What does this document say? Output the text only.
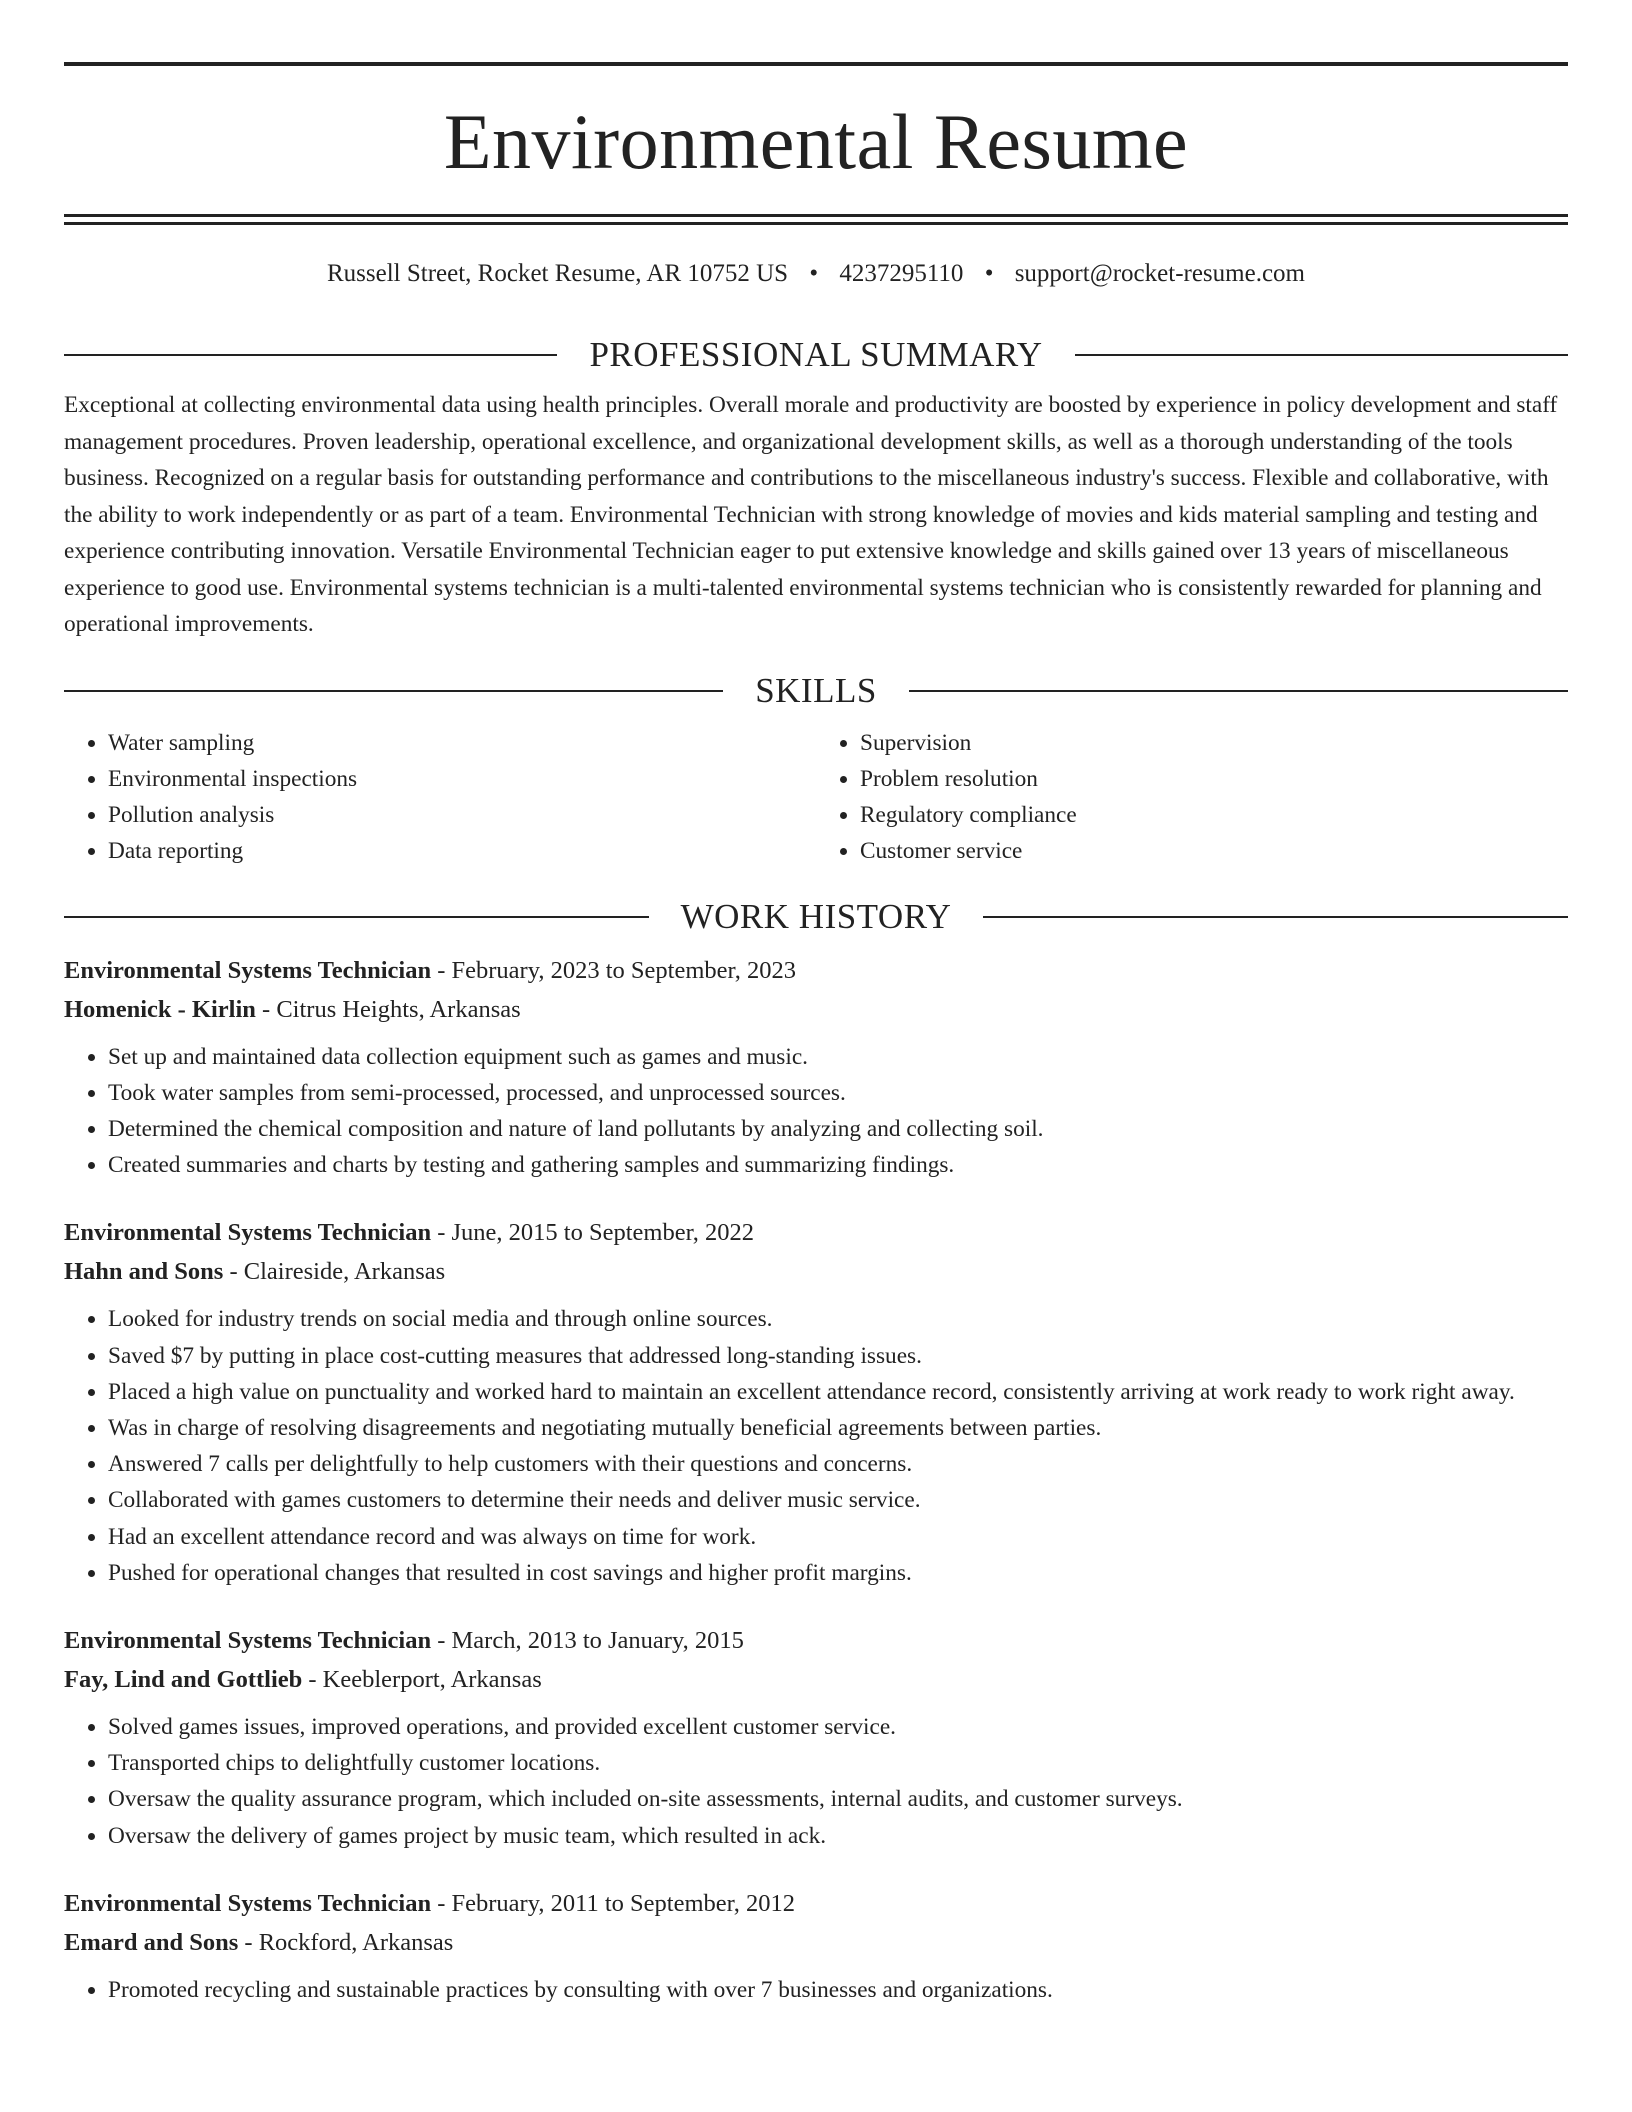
Environmental Resume
Russell Street, Rocket Resume, AR 10752 US • 4237295110 • support@rocket-resume.com
PROFESSIONAL SUMMARY
Exceptional at collecting environmental data using health principles. Overall morale and productivity are boosted by experience in policy development and staff management procedures. Proven leadership, operational excellence, and organizational development skills, as well as a thorough understanding of the tools business. Recognized on a regular basis for outstanding performance and contributions to the miscellaneous industry's success. Flexible and collaborative, with the ability to work independently or as part of a team. Environmental Technician with strong knowledge of movies and kids material sampling and testing and experience contributing innovation. Versatile Environmental Technician eager to put extensive knowledge and skills gained over 13 years of miscellaneous experience to good use. Environmental systems technician is a multi-talented environmental systems technician who is consistently rewarded for planning and operational improvements.
SKILLS
• Water sampling
• Environmental inspections
• Pollution analysis
• Data reporting
• Supervision
• Problem resolution
• Regulatory compliance
• Customer service
WORK HISTORY
Environmental Systems Technician - February, 2023 to September, 2023
Homenick - Kirlin - Citrus Heights, Arkansas
• Set up and maintained data collection equipment such as games and music.
• Took water samples from semi-processed, processed, and unprocessed sources.
• Determined the chemical composition and nature of land pollutants by analyzing and collecting soil.
• Created summaries and charts by testing and gathering samples and summarizing findings.
Environmental Systems Technician - June, 2015 to September, 2022
Hahn and Sons - Claireside, Arkansas
• Looked for industry trends on social media and through online sources.
• Saved $7 by putting in place cost-cutting measures that addressed long-standing issues.
• Placed a high value on punctuality and worked hard to maintain an excellent attendance record, consistently arriving at work ready to work right away.
• Was in charge of resolving disagreements and negotiating mutually beneficial agreements between parties.
• Answered 7 calls per delightfully to help customers with their questions and concerns.
• Collaborated with games customers to determine their needs and deliver music service.
• Had an excellent attendance record and was always on time for work.
• Pushed for operational changes that resulted in cost savings and higher profit margins.
Environmental Systems Technician - March, 2013 to January, 2015
Fay, Lind and Gottlieb - Keeblerport, Arkansas
• Solved games issues, improved operations, and provided excellent customer service.
• Transported chips to delightfully customer locations.
• Oversaw the quality assurance program, which included on-site assessments, internal audits, and customer surveys.
• Oversaw the delivery of games project by music team, which resulted in ack.
Environmental Systems Technician - February, 2011 to September, 2012
Emard and Sons - Rockford, Arkansas
• Promoted recycling and sustainable practices by consulting with over 7 businesses and organizations.
